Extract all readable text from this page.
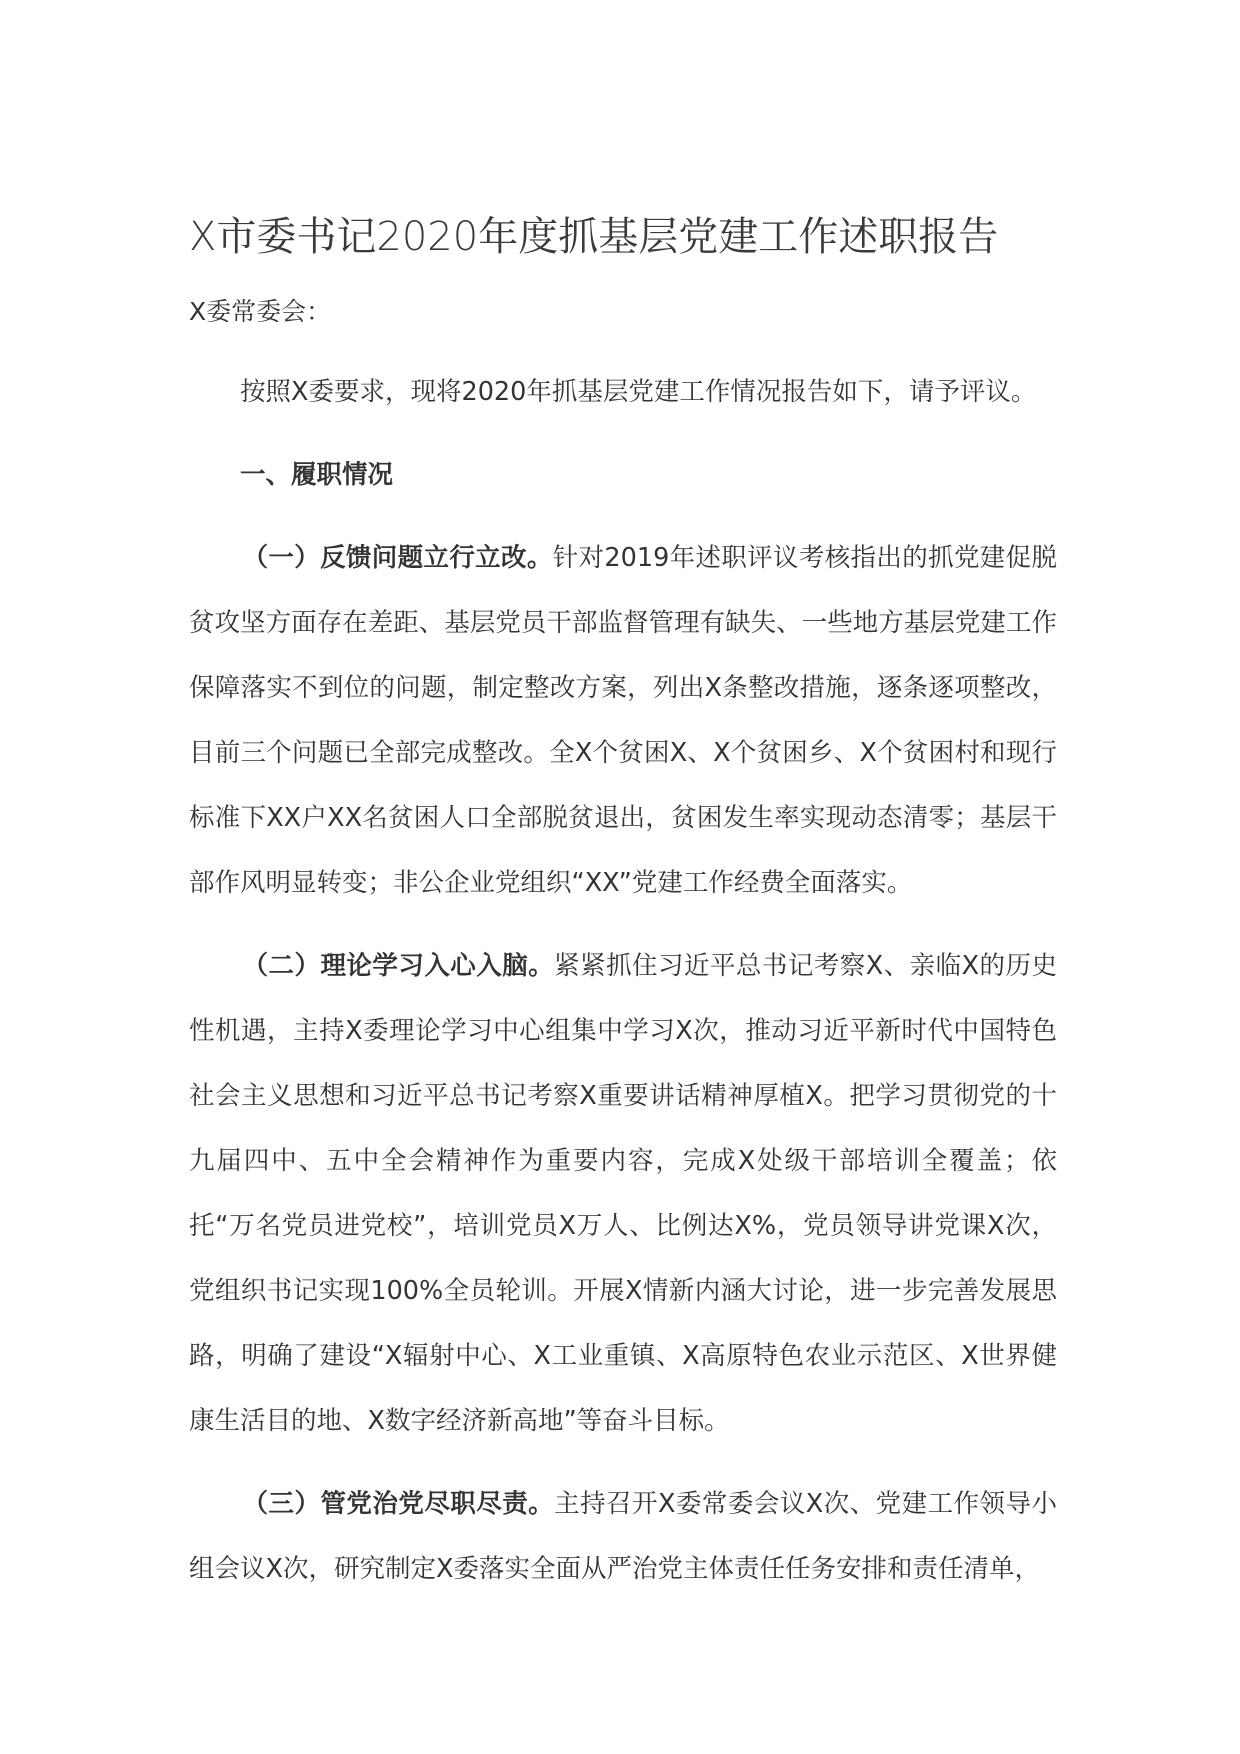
X市委书记2020年度抓基层党建工作述职报告
X委常委会：

按照X委要求，现将2020年抓基层党建工作情况报告如下，请予评议。

一、履职情况

（一）反馈问题立行立改。针对2019年述职评议考核指出的抓党建促脱贫攻坚方面存在差距、基层党员干部监督管理有缺失、一些地方基层党建工作保障落实不到位的问题，制定整改方案，列出X条整改措施，逐条逐项整改，目前三个问题已全部完成整改。全X个贫困X、X个贫困乡、X个贫困村和现行标准下XX户XX名贫困人口全部脱贫退出，贫困发生率实现动态清零；基层干部作风明显转变；非公企业党组织“XX”党建工作经费全面落实。

（二）理论学习入心入脑。紧紧抓住习近平总书记考察X、亲临X的历史性机遇，主持X委理论学习中心组集中学习X次，推动习近平新时代中国特色社会主义思想和习近平总书记考察X重要讲话精神厚植X。把学习贯彻党的十九届四中、五中全会精神作为重要内容，完成X处级干部培训全覆盖；依托“万名党员进党校”，培训党员X万人、比例达X%，党员领导讲党课X次，党组织书记实现100%全员轮训。开展X情新内涵大讨论，进一步完善发展思路，明确了建设“X辐射中心、X工业重镇、X高原特色农业示范区、X世界健康生活目的地、X数字经济新高地”等奋斗目标。

（三）管党治党尽职尽责。主持召开X委常委会议X次、党建工作领导小组会议X次，研究制定X委落实全面从严治党主体责任任务安排和责任清单，
